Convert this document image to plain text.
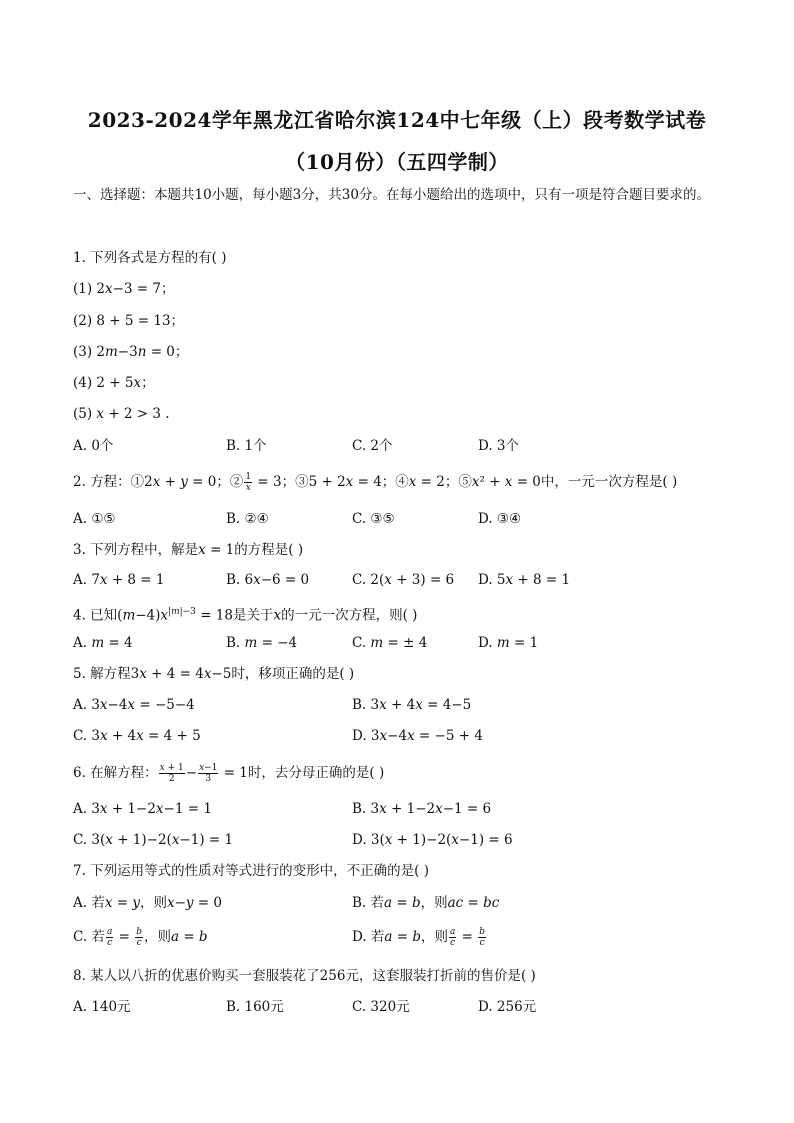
2023-2024学年黑龙江省哈尔滨124中七年级（上）段考数学试卷
（10月份）（五四学制）
一、选择题：本题共10小题，每小题3分，共30分。在每小题给出的选项中，只有一项是符合题目要求的。
1. 下列各式是方程的有( )
(1) 2𝑥−3 = 7；
(2) 8 + 5 = 13；
(3) 2𝑚−3𝑛 = 0；
(4) 2 + 5𝑥；
(5) 𝑥 + 2 > 3 .
A. 0个	B. 1个	C. 2个	D. 3个
2. 方程：①2𝑥 + 𝑦 = 0；② $\frac{1}{\text{𝑥}} = 3$；③5 + 2𝑥 = 4；④𝑥 = 2；⑤𝑥² + 𝑥 = 0中，一元一次方程是( )
A. ①⑤	B. ②④	C. ③⑤	D. ③④
3. 下列方程中，解是𝑥 = 1的方程是( )
A. 7𝑥 + 8 = 1	B. 6𝑥−6 = 0	C. 2(𝑥 + 3) = 6 D. 5𝑥 + 8 = 1
4. 已知(𝑚−4)𝑥$^{|𝑚|-3}$ = 18是关于𝑥的一元一次方程，则( )
A. 𝑚 = 4	B. 𝑚 = −4	C. 𝑚 = ± 4	D. 𝑚 = 1
5. 解方程3𝑥 + 4 = 4𝑥−5时，移项正确的是( )
A. 3𝑥−4𝑥 = −5−4	B. 3𝑥 + 4𝑥 = 4−5
C. 3𝑥 + 4𝑥 = 4 + 5	D. 3𝑥−4𝑥 = −5 + 4
6. 在解方程： $\frac{\text{𝑥 + 1}}{2} - \frac{\text{𝑥−1}}{3} = 1$时，去分母正确的是( )
A. 3𝑥 + 1−2𝑥−1 = 1	B. 3𝑥 + 1−2𝑥−1 = 6
C. 3(𝑥 + 1)−2(𝑥−1) = 1	D. 3(𝑥 + 1)−2(𝑥−1) = 6
7. 下列运用等式的性质对等式进行的变形中，不正确的是( )
A. 若𝑥 = 𝑦，则𝑥−𝑦 = 0	B. 若𝑎 = 𝑏，则𝑎𝑐 = 𝑏𝑐
C. 若 $\frac{\text{𝑎}}{\text{𝑐}} = \frac{\text{𝑏}}{\text{𝑐}}$ ，则𝑎 = 𝑏	D. 若𝑎 = 𝑏，则 $\frac{\text{𝑎}}{\text{𝑐}} = \frac{\text{𝑏}}{\text{𝑐}}$
8. 某人以八折的优惠价购买一套服装花了256元，这套服装打折前的售价是( )
A. 140元	B. 160元	C. 320元	D. 256元
